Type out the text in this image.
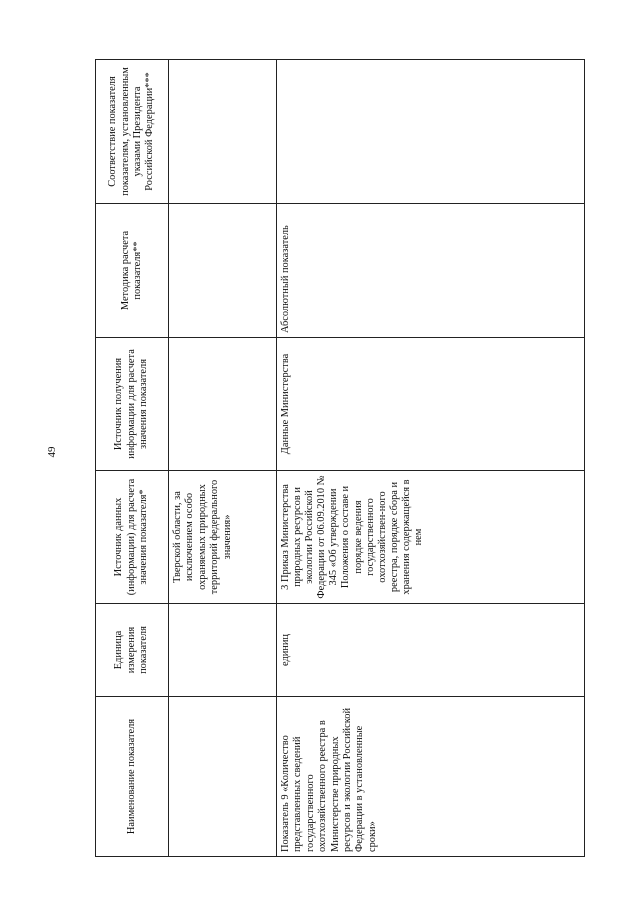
49
Наименование показателя	Единица измерения показателя	Источник данных (информации) для расчета значения показателя*	Источник получения информации для расчета значения показателя	Методика расчета показателя**	Соответствие показателя показателям, установленным указами Президента Российской Федерации***
		Тверской области, за исключением особо охраняемых природных территорий федерального значения»			
Показатель 9 «Количество представленных сведений государственного охотхозяйственного реестра в Министерстве природных ресурсов и экологии Российской Федерации в установленные сроки»	единиц	3 Приказ Министерства природных ресурсов и экологии Российской Федерации от 06.09.2010 № 345 «Об утверждении Положения о составе и порядке ведения государственного охотхозяйствен-ного реестра, порядке сбора и хранения содержащейся в нем	Данные Министерства	Абсолютный показатель	
